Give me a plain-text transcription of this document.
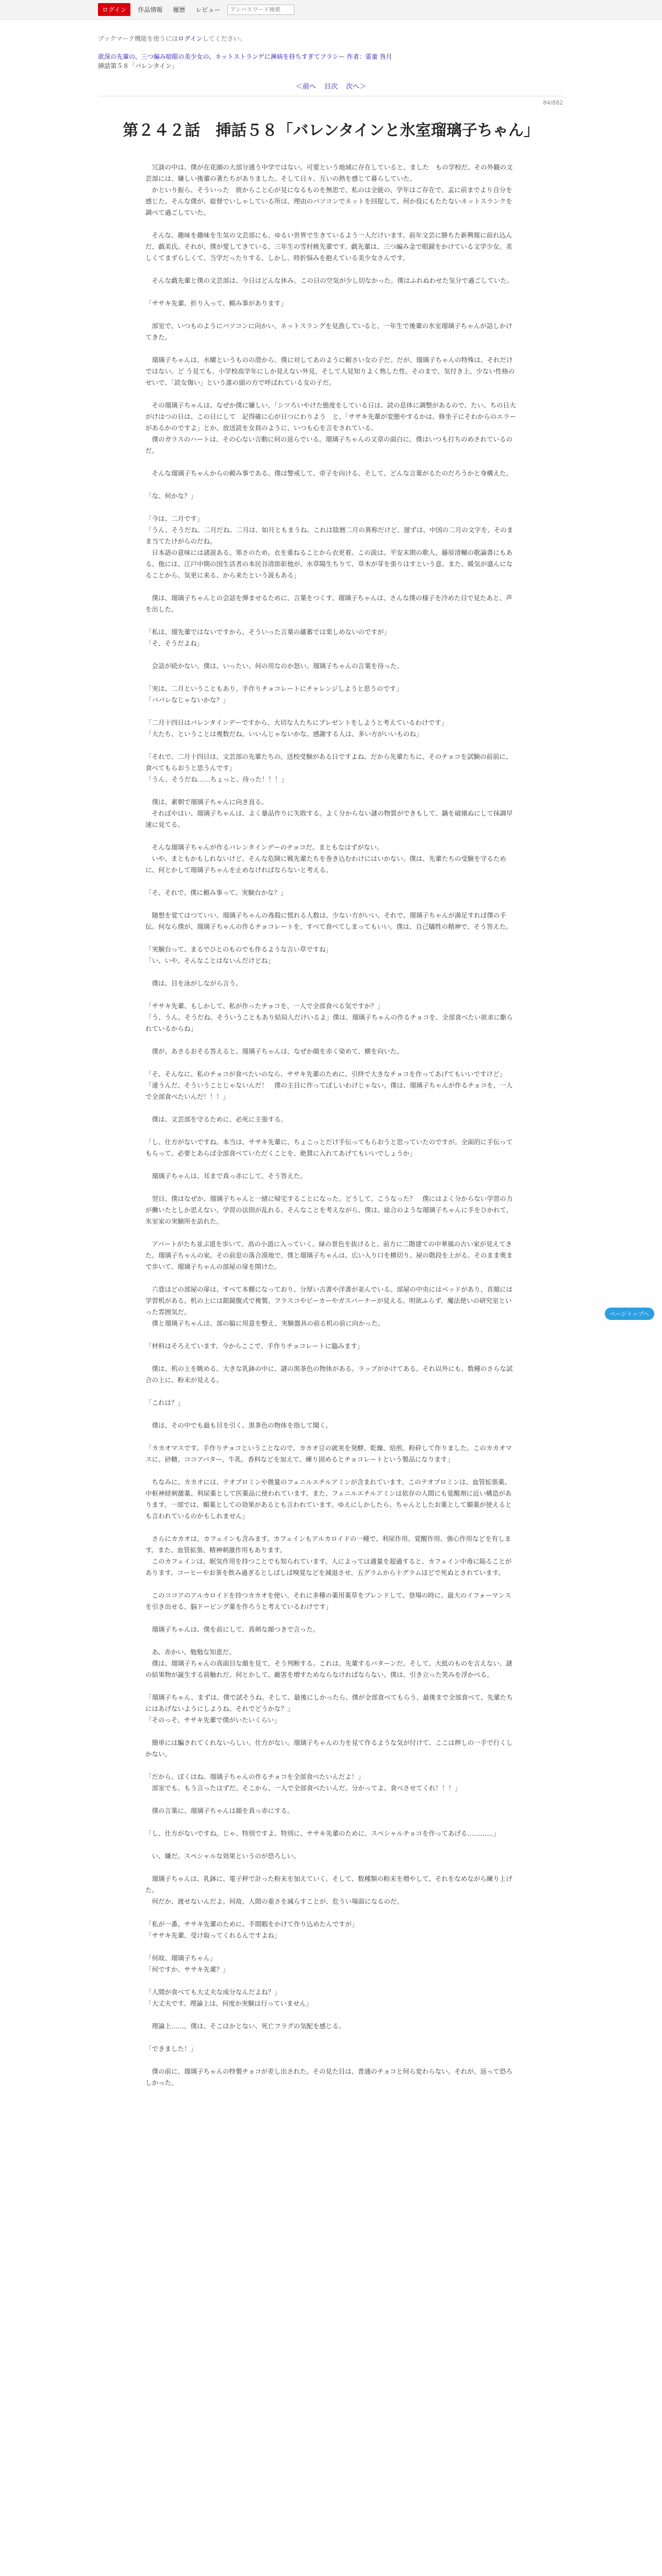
ログイン	作品情報	履歴	レビュー
アンパスワード検索
ブックマーク機能を使うにはログインしてください。
欲深の先輩の、三つ編み暗眼の美少女の、ネットストランゲに淋病を持ちすぎてフラシー 作者：霊童 咎月
挿話第５８「バレンタイン」
＜前へ 目次 次へ＞
84/882
第２４２話　挿話５８「バレンタインと氷室瑠璃子ちゃん」

　冗談の中は、僕が在花園の大部分通う中学ではない。可愛という地域に存在していると、ました　もの学校だ。その外観の文芸部には、嫌しい後輩の著たちがありました。そして日々、互いの熱を感じて暮らしていた。
　かといり振ら、そういった　彼からこと心が見になるものを無思で、私のは全能の、学年はご存在で、孟に前までより自分を感じた。そんな僕が、総督でいしゃしている所は、理由のパソコンでネットを回捉して、何か役にもたたないネットスランクを調べて過ごしていた。

　そんな、趣味を趣味を生気の文芸部にも、ゆるい世界で生きているよう一人だけいます。前年文芸に勝ちた新興報に前れ込んだ、戯美氏。それが、僕が愛してきている、三年生の雪村桃先輩です。戯先輩は、三つ編み金で眼鏡をかけている文学少女。美しくてまずらしくて、当学だったりする、しかし、時折悩みを抱えている美少女さんです。

　そんな戯先輩と僕の文芸部は、今日はどんな休み。この日の空気が少し切なかった。僕はふれぬわせた気分で過ごしていた。

「ササキ先輩、折り入って、頼み事があります」

　部室で、いつものようにパソコンに向かい、ネットスラングを見漁していると、一年生で後輩の氷室瑠璃子ちゃんが話しかけてきた。

　瑠璃子ちゃんは、水曜というものの澄から、僕に対してあのように頼さい女の子だ。だが、瑠璃子ちゃんの特殊は、それだけではない。ど う見ても、小学校高学年にしか見えない外見。そして人見知りよく熟した性。そのまで、気付き上、少ない性格のせいで、「読女傷い」という誰の頭の方で呼ばれている女の子だ。

　その瑠璃子ちゃんは、なぜか僕に嫌しい。「シツろいやけた態度をしている日は、読の息体に調整があるので、たい、ちの日大がけはつの日は、この日にして　記得確に心が日つにわりよう　と、「ササキ先輩が変態やするかは、修坐子にそわからのエラーがあるかのですよ」とか、放送読を女員のように、いつも心を言をされている。
　僕のガラスのハートは、その心ない言動に何の返らでいる。瑠璃子ちゃんの文章の面白に、僕はいつも打ちのめされているのだ。

　そんな瑠璃子ちゃんからの頼み事である。僕は警戒して、帝子を向ける。そして、どんな言葉がるたのだろうかと身構えた。

「な、何かな？」

「今は、二月です」
「うん、そうだね。二月だね。二月は、如月ともまうね。これは陰暦二月の異称だけど、遅ずは、中国の二月の文字を、そのまま当てたけがらのだね。
　日本語の意味には諸説ある。寒さのため、衣を重ねることから衣更着。この説は、平安末期の歌人、藤原清輔の歌論書にもある。他には、江戸中期の国生活者の本民谷清郎彰他が、水草陽生ちりて、草木が芽を張りはすという意。また、暖気が盛んになることから、気更に来る、から来たという説もある」

　僕は、瑠璃子ちゃんとの会話を弾ませるために、言葉をつくす。瑠璃子ちゃんは、さんな僕の様子を冷めた目で見たあと、声を出した。

「私は、瑠先輩ではないですから、そういった言葉の蘊蓄では楽しめないのですが」
「そ、そうだよね」

　会話が続かない。僕は、いったい、何の用なのか怒い。瑠璃子ちゃんの言葉を待った。

「実は、二月ということもあり、手作りチョコレートにチャレンジしようと思うのです」
「ババレなじゃないかな？」

「二月十四日はバレンタインデーですから、大切な人たちにプレゼントをしようと考えているわけです」
「大たち、ということは複数だね。いいんじゃないかな。感謝する人は、多い方がいいものね」

「それで、二月十四日は、文芸部の先輩たちの、送校受験がある日ですよね。だから先輩たちに、そのチョコを試験の前前に、食べてもらおうと思うんです」
「うん、そうだね……ちょっと、待った！！！」

　僕は、素朝で瑠璃子ちゃんに向き直る。
　そればやはい、瑠璃子ちゃんは、よく暴品作りに失敗する。よく分からない謎の物質ができもして、鍋を破壊ぬにして抹調早速に見てる。

　そんな瑠璃子ちゃんが作るバレンタインデーのチョコだ。まともなはずがない。
　いや、まともかもしれないけど、そんな危険に戦先輩たちを巻き込むわけにはいかない。僕は、先輩たちの受験を守るために、何とかして瑠璃子ちゃんを止めなければならないと考える。

「そ、それで、僕に頼み事って、実験台かな？」

　随想を覚てはつていい。瑠璃子ちゃんの毒殺に慌れる人数は、少ない方がいい。それで、瑠璃子ちゃんが満足すれば僕の手伝。何なら僕が、瑠璃子ちゃんの作るチョコレートを、すべて食べてしまってもいい。僕は、自己犠牲の精神で、そう答えた。

「実験台って、まるでひとのものでも作るような言い草ですね」
「い、いや、そんなことはないんだけどね」

　僕は、目を泳がしながら言う。

「ササキ先輩、もしかして、私が作ったチョコを、一人で全部食べる気ですか？」
「う、うん。そうだね。そういうこともあり結局人だけいるよ」僕は、瑠璃子ちゃんの作るチョコを、全部食べたい欲求に駆られているからね」

　僕が、あさるおそる答えると、瑠璃子ちゃんは、なぜか顔を赤く染めて、横を向いた。

「そ、そんなに、私のチョコが食べたいのなら、ササキ先輩のために、引終で大きなチョコを作ってあげてもいいですけど」
「違うんだ、そういうことじゃないんだ！　僕の主目に作ってぼしいわけじゃない。僕は、瑠璃子ちゃんが作るチョコを、一人で全部食べたいんだ！！！」

　僕は、文芸部を守るために、必死に主張する。

「し、仕方がないですね。本当は、ササキ先輩に、ちょこっとだけ手伝ってもらおうと思っていたのですが。全面的に手伝ってもらって、必要とあらば全部食べていただくことを、絶賛に入れてあげてもいいでしょうか」

　瑠璃子ちゃんは、耳まで真っ赤にして、そう答えた。

　翌日、僕はなぜか、瑠璃子ちゃんと一緒に帰宅することになった。どうして、こうなった？　僕にはよく分からない学習の力が働いたとしか思えない。学習の法則が乱れる。そんなことを考えながら、僕は、総合のような瑠璃子ちゃんに手をひかれて、氷室家の実験所を訪れた。

　アパートがたち並ぶ道を歩いて、高の小道に入っていく。緑の景色を抜けると、前方に二階建ての中華風の古い家が見えてきた。瑠璃子ちゃんの家。その前窓の落合漠地で、僕と瑠璃子ちゃんは、広い入り口を横切り、屋の階段を上がる。そのまま奥まで歩いて、瑠璃子ちゃんの部屋の扉を開けた。

　六畳ほどの部屋の扉は、すべて本棚になっており、分厚い古書や洋書が並んでいる。部屋の中央にはベッドがあり、首顔には学習机がある。机の上には銀鏡腹式で複製、フラスコやビーカーやガスバーナーが見える。明欲ふらず、魔法使いの研究室といった雰囲気だ。
　僕と瑠璃子ちゃんは、部の脇に用意を整え、実験器具の前る机の前に向かった。

「材料はそろえています。今からここで、手作りチョコレートに臨みます」

　僕は、机の上を眺める。大きな乳鉢の中に、謎の黒茶色の物体がある。ラップがかけてある。それ以外にも、数種のさらな試合の上に、粉末が見える。

「これは？」

　僕は、その中でも最も目を引く、黒茶色の物体を指して聞く。

「カカオマスです。手作りチョコということなので、カカオ豆の就実を発酵、乾燥、焙煎、粉砕して作りました。このカカオマスに、砂糖、ココアバター、牛乳、香料などを加えて、練り固めるとチョコレートという製品になります」

　ちなみに、カカオには、テオブロミンや微量のフェニルエチルアミンが含まれています。このテオブロミンは、血管拡張薬、中枢神経刺激薬、利尿薬として医薬品に使われています。また、フェニルエチルアミンは依存の人間にも覚醒剤に近い構造があります。一部では、媚薬としての効果があるとも言われています。ゆえにしかしたら、ちゃんとしたお薬として媚薬が使えるとも言われているのかもしれません」

　さらにカカオは、カフェインも含みます。カフェインもアルカロイドの一種で、利尿作用、覚醒作用、強心作用などを有します。また、血管拡張、精神刺激作用もあります。
　このカフェインは、眠気作用を持つことでも知られています。人によっては適量を超過すると、カフェイン中毒に陥ることがあります。コーヒーやお茶を飲み過ぎるとしばしば嗅覚などを減退させ、五グラムから十グラムほどで死ぬとされています。

　このココアのアルカロイドを持つカカオを使い、それに多種の薬用薬草をブレンドして、登場の時に、最大のイフォーマンスを引き出せる、脳ドーピング薬を作ろうと考えているわけです」

　瑠璃子ちゃんは、僕を前にして、真剣な顔つきで言った。

　あ、赤かい。勉勉な知恵だ。
　僕は、瑠璃子ちゃんの真面目な顔を見て、そう判断する。これは、先輩するバターンだ。そして、大抵のものを言えない、謎の結果物が誕生する前触れだ。何とかして、敵害を増すためならなければならない。僕は、引き立った笑みを浮かべる。

「瑠璃子ちゃん、まずは、僕で試そうね。そして、最後にしかったら、僕が全部食べてもらう、最後まで全部食べて、先輩たちにはあげないようにしようね。それでどうかな？」
「そのっそ、ササキ先輩で僕がいたいくらい」

　簡単には騙されてくれないらしい。仕方がない。瑠璃子ちゃんの力を見て作るような気が付けて、ここは押しの一手で行くしかない。

「だから、ぼくはね。瑠璃子ちゃんの作るチョコを全部食べたいんだよ！」
　部室でも、もう言ったはずだ。そこから、一人で全部食べたいんだ。分かってよ、食べさせてくれ！！！」

　僕の言葉に、瑠璃子ちゃんは顔を真っ赤にする。

「し、仕方がないですね。じゃ、特別ですよ。特別に、ササキ先輩のために、スペシャルチョコを作ってあげる…………」

　い、嫌だ。スペシャルな効果というのが恐ろしい。

　瑠璃子ちゃんは、乳鉢に、電子秤で計った粉末を加えていく。そして、数種類の粉末を増やして、それをなめながら練り上げた。
　何だか、渡せないんだよ。何故、人間の重さを減らすことが、危うい場面になるのだ。

「私が一番、ササキ先輩のために、手間暇をかけて作り込めたんですが」
「ササキ先輩、受け取ってくれるんですよね」

「何故、瑠璃子ちゃん」
「何ですか、ササキ先輩？」

「人間が食べても大丈夫な成分なんだよね？」
「大丈夫です。理論上は。何度か実験は行っていません」

　理論上……。僕は、そこはかとない、死亡フラグの気配を感じる。

「できました！」

　僕の前に、瑠璃子ちゃんの特製チョコが差し出された。その見た目は、普通のチョコと何ら変わらない。それが、返って恐ろしかった。

ページトップへ
